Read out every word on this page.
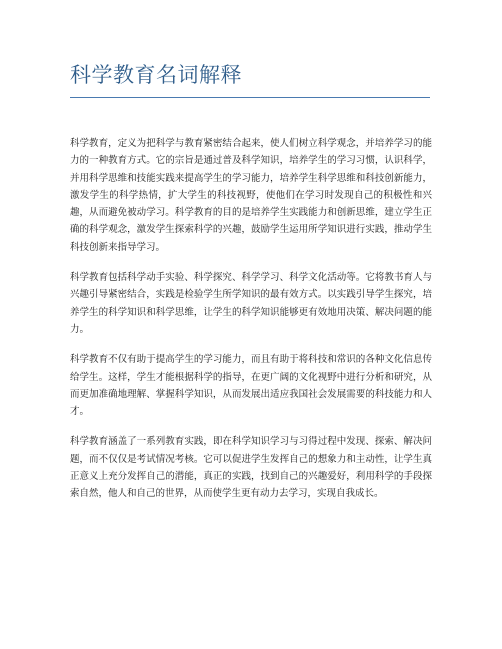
科学教育名词解释

科学教育，定义为把科学与教育紧密结合起来，使人们树立科学观念，并培养学习的能力的一种教育方式。它的宗旨是通过普及科学知识，培养学生的学习习惯，认识科学，并用科学思维和技能实践来提高学生的学习能力，培养学生科学思维和科技创新能力，激发学生的科学热情，扩大学生的科技视野，使他们在学习时发现自己的积极性和兴趣，从而避免被动学习。科学教育的目的是培养学生实践能力和创新思维，建立学生正确的科学观念，激发学生探索科学的兴趣，鼓励学生运用所学知识进行实践，推动学生科技创新来指导学习。

科学教育包括科学动手实验、科学探究、科学学习、科学文化活动等。它将教书育人与兴趣引导紧密结合，实践是检验学生所学知识的最有效方式。以实践引导学生探究，培养学生的科学知识和科学思维，让学生的科学知识能够更有效地用决策、解决问题的能力。

科学教育不仅有助于提高学生的学习能力，而且有助于将科技和常识的各种文化信息传给学生。这样，学生才能根据科学的指导，在更广阔的文化视野中进行分析和研究，从而更加准确地理解、掌握科学知识，从而发展出适应我国社会发展需要的科技能力和人才。

科学教育涵盖了一系列教育实践，即在科学知识学习与习得过程中发现、探索、解决问题，而不仅仅是考试情况考核。它可以促进学生发挥自己的想象力和主动性，让学生真正意义上充分发挥自己的潜能，真正的实践，找到自己的兴趣爱好，利用科学的手段探索自然，他人和自己的世界，从而使学生更有动力去学习，实现自我成长。
